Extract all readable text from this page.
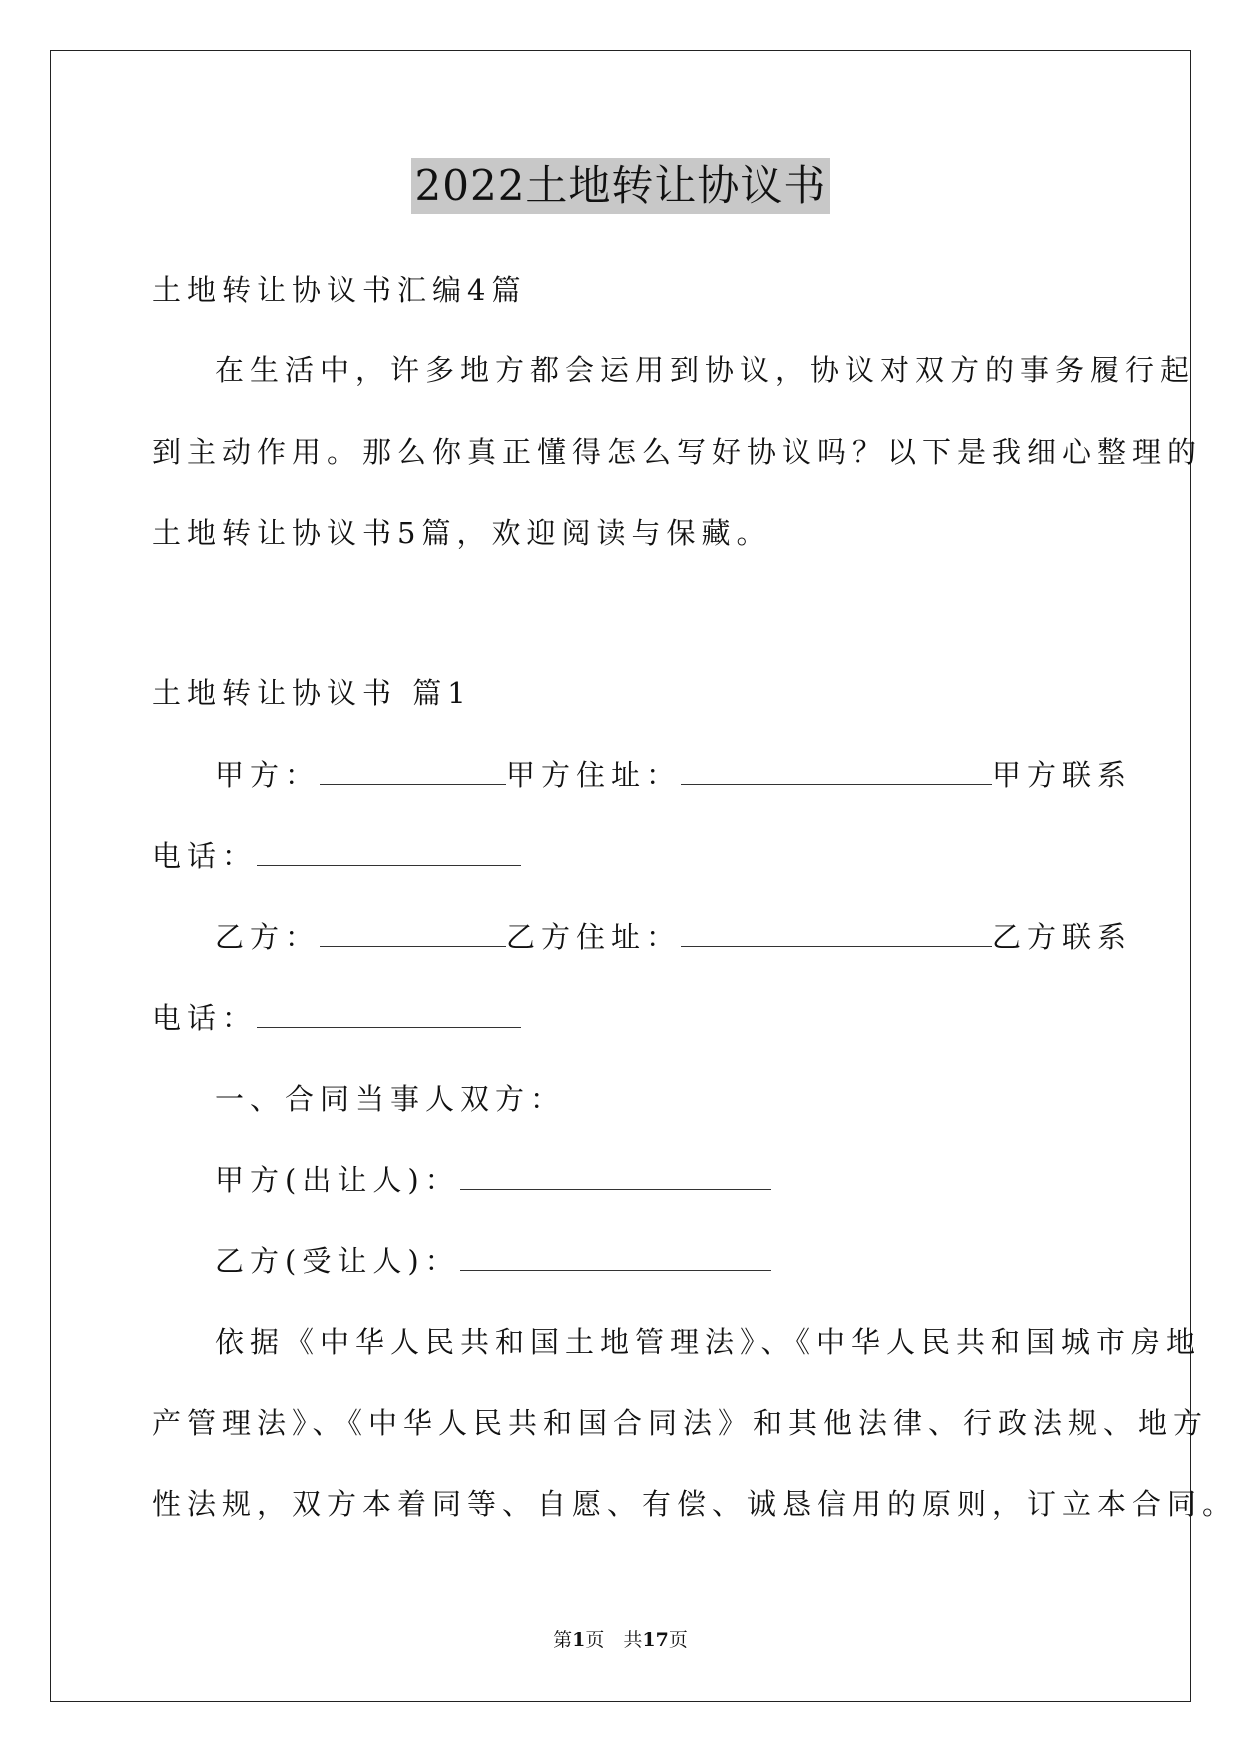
2022土地转让协议书
土地转让协议书汇编4篇
在生活中，许多地方都会运用到协议，协议对双方的事务履行起
到主动作用。那么你真正懂得怎么写好协议吗？以下是我细心整理的
土地转让协议书5篇，欢迎阅读与保藏。
土地转让协议书 篇1
甲方：	甲方住址：	甲方联系
电话：
乙方：	乙方住址：	乙方联系
电话：
一、合同当事人双方：
甲方(出让人)：
乙方(受让人)：
依据《中华人民共和国土地管理法》、《中华人民共和国城市房地
产管理法》、《中华人民共和国合同法》和其他法律、行政法规、地方
性法规，双方本着同等、自愿、有偿、诚恳信用的原则，订立本合同。
第1页　共17页
